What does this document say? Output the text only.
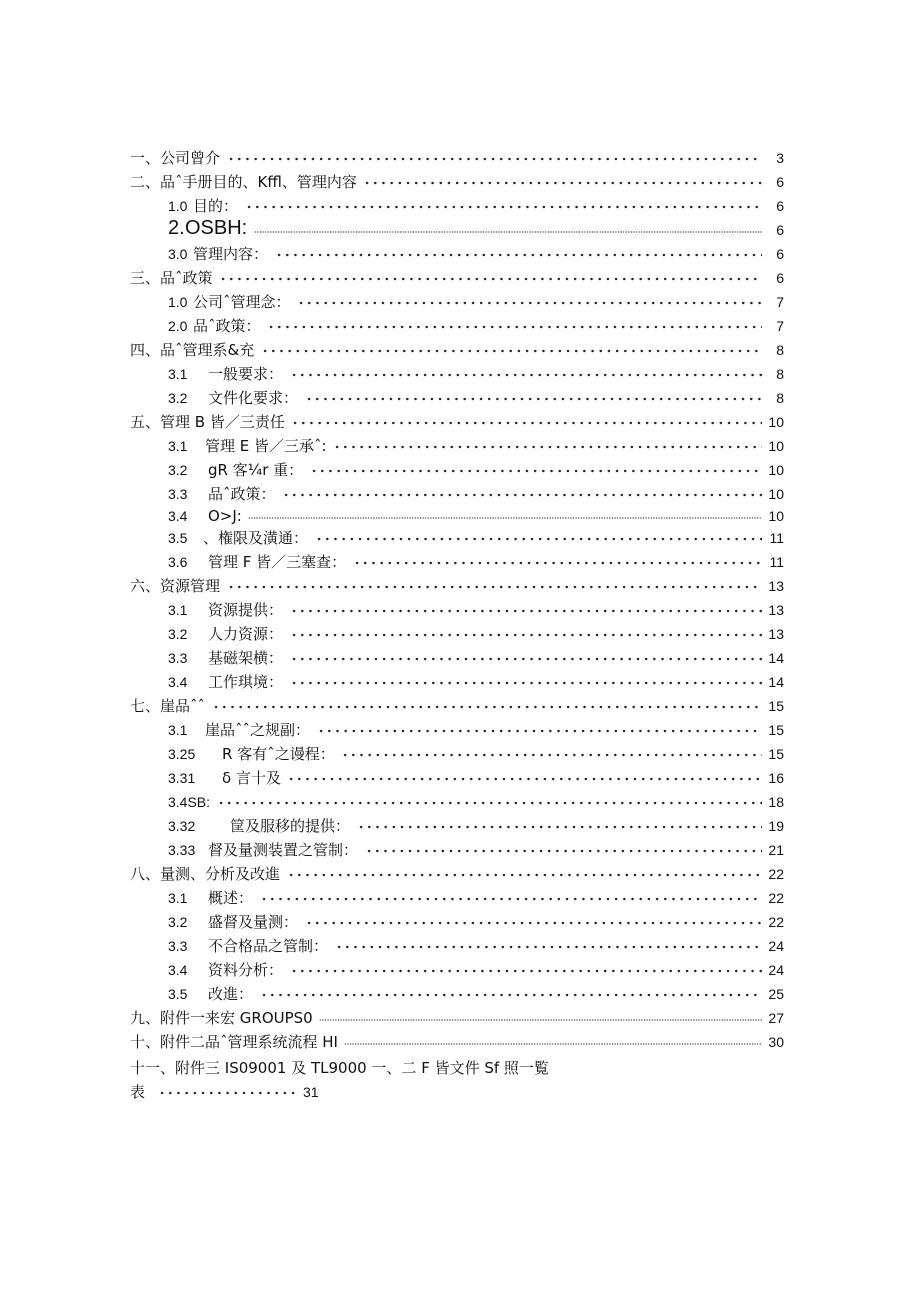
一、公司曾介	3
二、品ˆ手册目的、Kffl、管理内容	6
1.0 目的：	6
2. OSBH:	6
3.0 管理内容：	6
三、品ˆ政策	6
1.0 公司ˆ管理念：	7
2.0 品ˆ政策：	7
四、品ˆ管理系&充	8
3.1 一般要求：	8
3.2 文件化要求：	8
五、管理 B 皆／三责任	10
3.1 管理 E 皆／三承ˆ:	10
3.2 gR 客¼r 重：	10
3.3 品ˆ政策：	10
3.4 O>J:	10
3.5 、権限及潢通：	11
3.6 管理 F 皆／三塞查：	11
六、资源管理	13
3.1 资源提供：	13
3.2 人力资源：	13
3.3 基磁架横：	14
3.4 工作琪境：	14
七、崖品ˆˆ	15
3.1 崖品ˆˆ之规副：	15
3.25 R 客有ˆ之谩程：	15
3.31 δ 言十及	16
3.4SB:	18
3.32 筐及服移的提供：	19
3.33 督及量测装置之管制：	21
八、量测、分析及改進	22
3.1 概述：	22
3.2 盛督及量测：	22
3.3 不合格品之管制：	24
3.4 资料分析：	24
3.5 改進：	25
九、附件一来宏 GROUPS0	27
十、附件二品ˆ管理系统流程 HI	30
十一、附件三 IS09001 及 TL9000 一、二 F 皆文件 Sf 照一覧
表	31
